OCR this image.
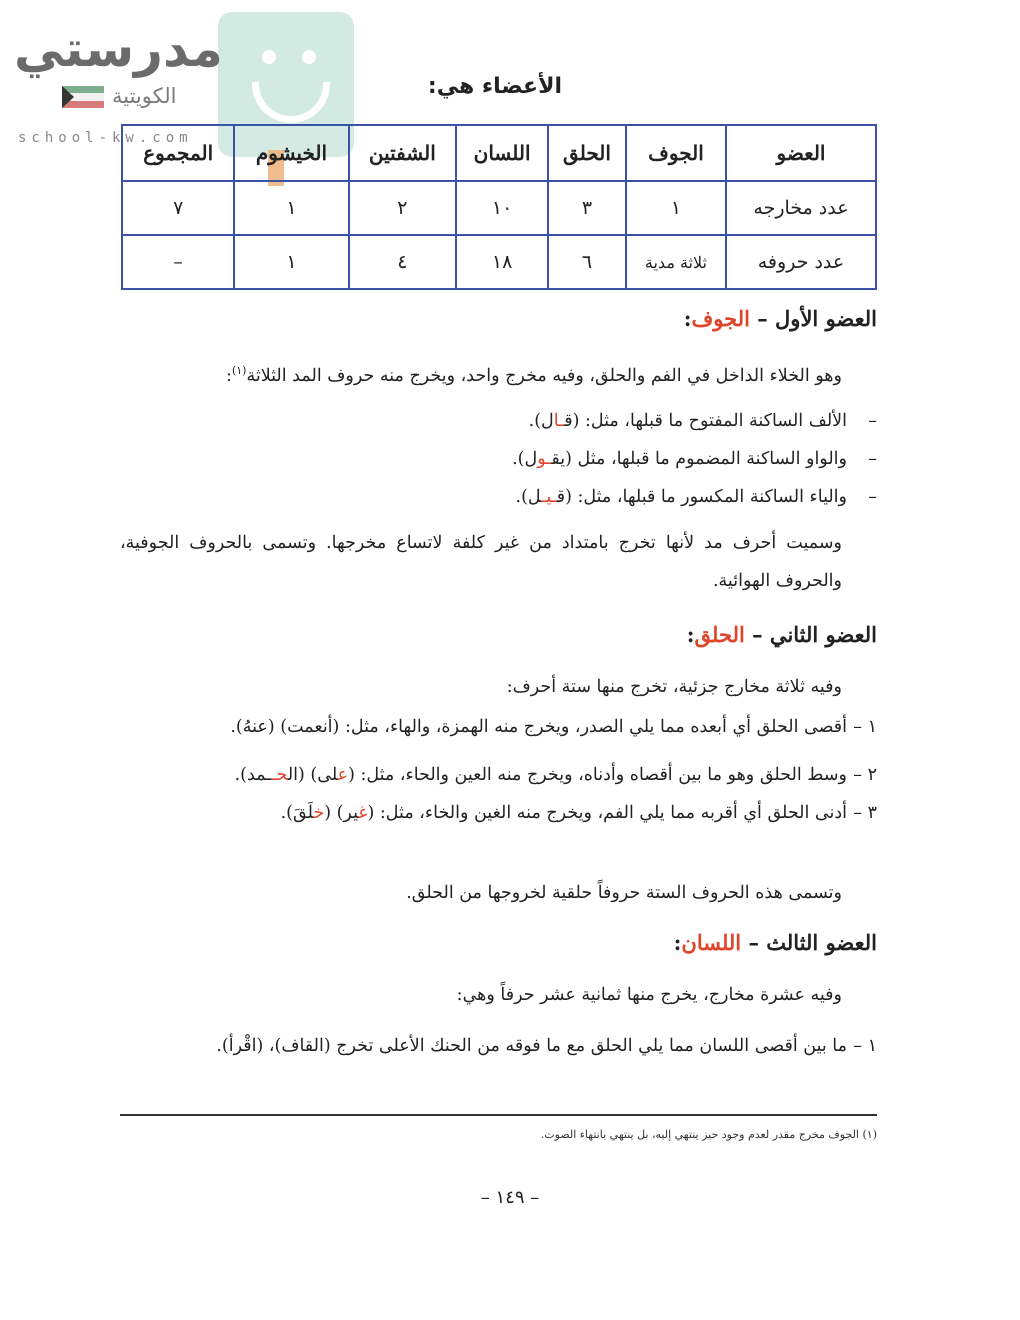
مدرستي
الكويتية
school-kw.com
الأعضاء هي:
العضو	الجوف	الحلق	اللسان	الشفتين	الخيشوم	المجموع
عدد مخارجه	١	٣	١٠	٢	١	٧
عدد حروفه	ثلاثة مدية	٦	١٨	٤	١	–
العضو الأول – الجوف:
وهو الخلاء الداخل في الفم والحلق، وفيه مخرج واحد، ويخرج منه حروف المد الثلاثة$^{(١)}$:
–
الألف الساكنة المفتوح ما قبلها، مثل: (قـال).
–
والواو الساكنة المضموم ما قبلها، مثل (يقـول).
–
والياء الساكنة المكسور ما قبلها، مثل: (قـيـل).
وسميت أحرف مد لأنها تخرج بامتداد من غير كلفة لاتساع مخرجها. وتسمى بالحروف الجوفية، والحروف الهوائية.
العضو الثاني – الحلق:
وفيه ثلاثة مخارج جزئية، تخرج منها ستة أحرف:
١ –
أقصى الحلق أي أبعده مما يلي الصدر، ويخرج منه الهمزة، والهاء، مثل: (أنعمت) (عنهُ).
٢ –
وسط الحلق وهو ما بين أقصاه وأدناه، ويخرج منه العين والحاء، مثل: (على) (الحــمد).
٣ –
أدنى الحلق أي أقربه مما يلي الفم، ويخرج منه الغين والخاء، مثل: (غير) (خلَقَ).
وتسمى هذه الحروف الستة حروفاً حلقية لخروجها من الحلق.
العضو الثالث – اللسان:
وفيه عشرة مخارج، يخرج منها ثمانية عشر حرفاً وهي:
١ –
ما بين أقصى اللسان مما يلي الحلق مع ما فوقه من الحنك الأعلى تخرج (القاف)، (اقْرأ).
(١) الجوف مخرج مقدر لعدم وجود حيز ينتهي إليه، بل ينتهي بانتهاء الصوت.
– ١٤٩ –
